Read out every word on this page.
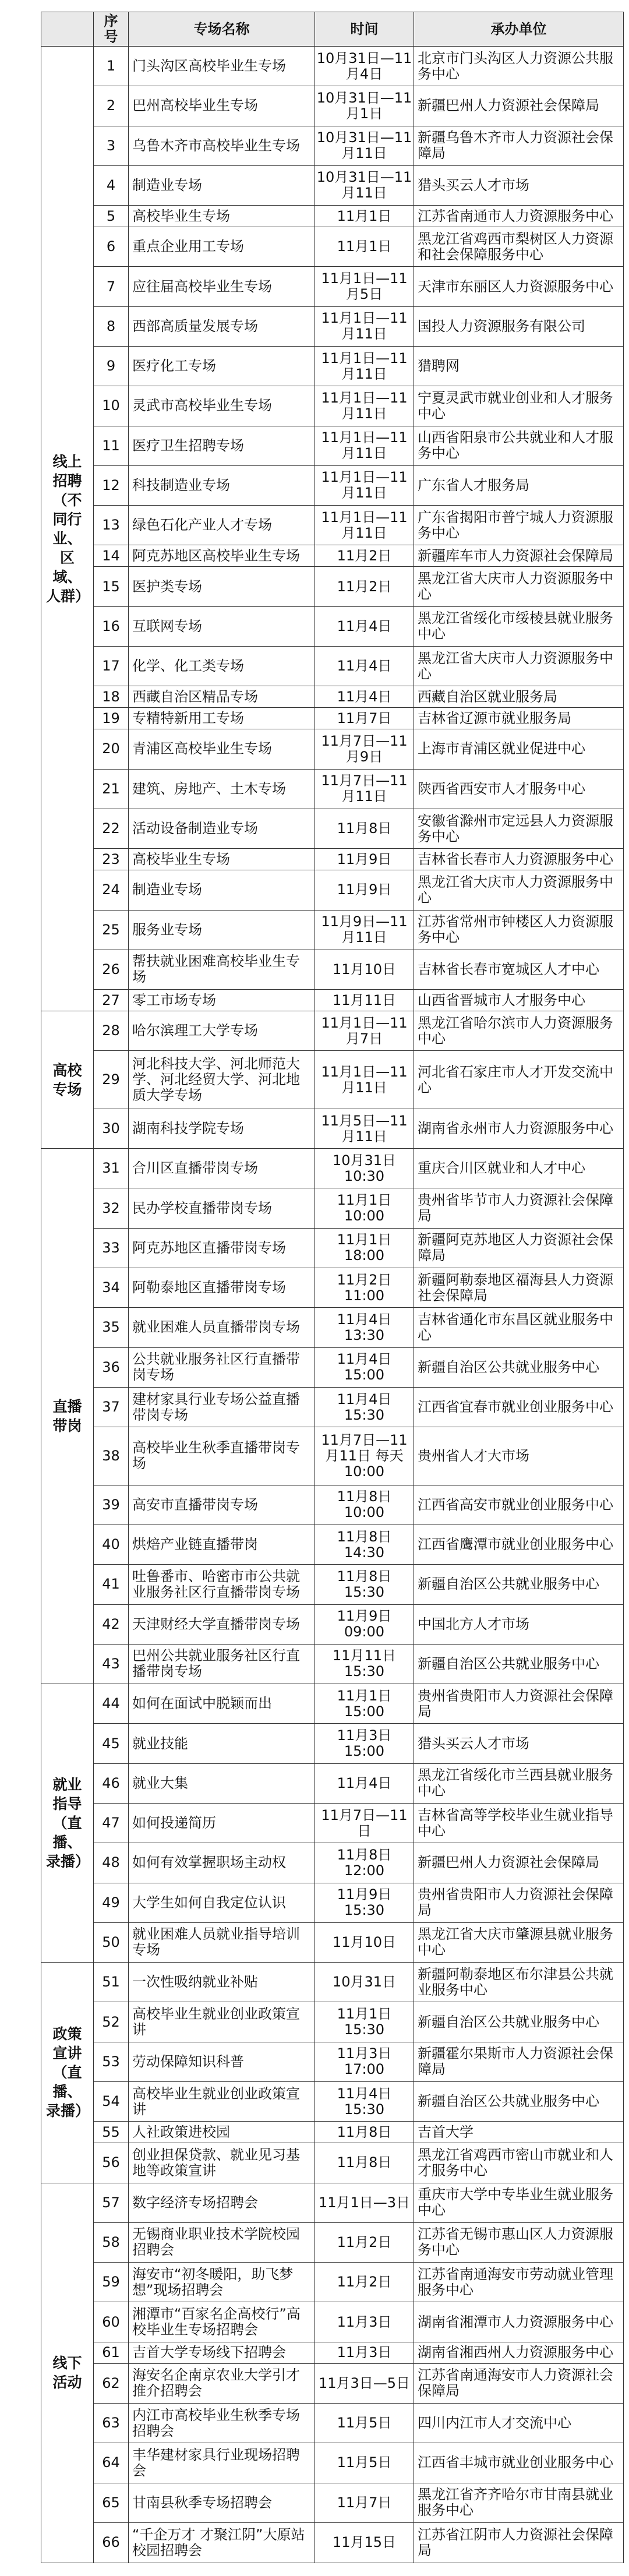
	序号	专场名称	时间	承办单位
线上招聘（不同行业、区域、人群）	1	门头沟区高校毕业生专场	10月31日—11月4日	北京市门头沟区人力资源公共服务中心
	2	巴州高校毕业生专场	10月31日—11月1日	新疆巴州人力资源社会保障局
	3	乌鲁木齐市高校毕业生专场	10月31日—11月11日	新疆乌鲁木齐市人力资源社会保障局
	4	制造业专场	10月31日—11月11日	猎头买云人才市场
	5	高校毕业生专场	11月1日	江苏省南通市人力资源服务中心
	6	重点企业用工专场	11月1日	黑龙江省鸡西市梨树区人力资源和社会保障服务中心
	7	应往届高校毕业生专场	11月1日—11月5日	天津市东丽区人力资源服务中心
	8	西部高质量发展专场	11月1日—11月11日	国投人力资源服务有限公司
	9	医疗化工专场	11月1日—11月11日	猎聘网
	10	灵武市高校毕业生专场	11月1日—11月11日	宁夏灵武市就业创业和人才服务中心
	11	医疗卫生招聘专场	11月1日—11月11日	山西省阳泉市公共就业和人才服务中心
	12	科技制造业专场	11月1日—11月11日	广东省人才服务局
	13	绿色石化产业人才专场	11月1日—11月11日	广东省揭阳市普宁城人力资源服务中心
	14	阿克苏地区高校毕业生专场	11月2日	新疆库车市人力资源社会保障局
	15	医护类专场	11月2日	黑龙江省大庆市人力资源服务中心
	16	互联网专场	11月4日	黑龙江省绥化市绥棱县就业服务中心
	17	化学、化工类专场	11月4日	黑龙江省大庆市人力资源服务中心
	18	西藏自治区精品专场	11月4日	西藏自治区就业服务局
	19	专精特新用工专场	11月7日	吉林省辽源市就业服务局
	20	青浦区高校毕业生专场	11月7日—11月9日	上海市青浦区就业促进中心
	21	建筑、房地产、土木专场	11月7日—11月11日	陕西省西安市人才服务中心
	22	活动设备制造业专场	11月8日	安徽省滁州市定远县人力资源服务中心
	23	高校毕业生专场	11月9日	吉林省长春市人力资源服务中心
	24	制造业专场	11月9日	黑龙江省大庆市人力资源服务中心
	25	服务业专场	11月9日—11月11日	江苏省常州市钟楼区人力资源服务中心
	26	帮扶就业困难高校毕业生专场	11月10日	吉林省长春市宽城区人才中心
	27	零工市场专场	11月11日	山西省晋城市人才服务中心
高校专场	28	哈尔滨理工大学专场	11月1日—11月7日	黑龙江省哈尔滨市人力资源服务中心
	29	河北科技大学、河北师范大学、河北经贸大学、河北地质大学专场	11月1日—11月11日	河北省石家庄市人才开发交流中心
	30	湖南科技学院专场	11月5日—11月11日	湖南省永州市人力资源服务中心
直播带岗	31	合川区直播带岗专场	10月31日 10:30	重庆合川区就业和人才中心
	32	民办学校直播带岗专场	11月1日 10:00	贵州省毕节市人力资源社会保障局
	33	阿克苏地区直播带岗专场	11月1日 18:00	新疆阿克苏地区人力资源社会保障局
	34	阿勒泰地区直播带岗专场	11月2日 11:00	新疆阿勒泰地区福海县人力资源社会保障局
	35	就业困难人员直播带岗专场	11月4日 13:30	吉林省通化市东昌区就业服务中心
	36	公共就业服务社区行直播带岗专场	11月4日 15:00	新疆自治区公共就业服务中心
	37	建材家具行业专场公益直播带岗专场	11月4日 15:30	江西省宜春市就业创业服务中心
	38	高校毕业生秋季直播带岗专场	11月7日—11月11日 每天 10:00	贵州省人才大市场
	39	高安市直播带岗专场	11月8日 10:00	江西省高安市就业创业服务中心
	40	烘焙产业链直播带岗	11月8日 14:30	江西省鹰潭市就业创业服务中心
	41	吐鲁番市、哈密市市公共就业服务社区行直播带岗专场	11月8日 15:30	新疆自治区公共就业服务中心
	42	天津财经大学直播带岗专场	11月9日 09:00	中国北方人才市场
	43	巴州公共就业服务社区行直播带岗专场	11月11日 15:30	新疆自治区公共就业服务中心
就业指导（直播、录播）	44	如何在面试中脱颖而出	11月1日 15:00	贵州省贵阳市人力资源社会保障局
	45	就业技能	11月3日 15:00	猎头买云人才市场
	46	就业大集	11月4日	黑龙江省绥化市兰西县就业服务中心
	47	如何投递简历	11月7日—11日	吉林省高等学校毕业生就业指导中心
	48	如何有效掌握职场主动权	11月8日 12:00	新疆巴州人力资源社会保障局
	49	大学生如何自我定位认识	11月9日 15:30	贵州省贵阳市人力资源社会保障局
	50	就业困难人员就业指导培训专场	11月10日	黑龙江省大庆市肇源县就业服务中心
政策宣讲（直播、录播）	51	一次性吸纳就业补贴	10月31日	新疆阿勒泰地区布尔津县公共就业服务中心
	52	高校毕业生就业创业政策宣讲	11月1日 15:30	新疆自治区公共就业服务中心
	53	劳动保障知识科普	11月3日 17:00	新疆霍尔果斯市人力资源社会保障局
	54	高校毕业生就业创业政策宣讲	11月4日 15:30	新疆自治区公共就业服务中心
	55	人社政策进校园	11月8日	吉首大学
	56	创业担保贷款、就业见习基地等政策宣讲	11月8日	黑龙江省鸡西市密山市就业和人才服务中心
线下活动	57	数字经济专场招聘会	11月1日—3日	重庆市大学中专毕业生就业服务中心
	58	无锡商业职业技术学院校园招聘会	11月2日	江苏省无锡市惠山区人力资源服务中心
	59	海安市“初冬暖阳，助飞梦想”现场招聘会	11月2日	江苏省南通海安市劳动就业管理服务中心
	60	湘潭市“百家名企高校行”高校毕业生专场招聘会	11月3日	湖南省湘潭市人力资源服务中心
	61	吉首大学专场线下招聘会	11月3日	湖南省湘西州人力资源服务中心
	62	海安名企南京农业大学引才推介招聘会	11月3日—5日	江苏省南通海安市人力资源社会保障局
	63	内江市高校毕业生秋季专场招聘会	11月5日	四川内江市人才交流中心
	64	丰华建材家具行业现场招聘会	11月5日	江西省丰城市就业创业服务中心
	65	甘南县秋季专场招聘会	11月7日	黑龙江省齐齐哈尔市甘南县就业服务中心
	66	“千企万才 才聚江阴”大原站校园招聘会	11月15日	江苏省江阴市人力资源社会保障局
